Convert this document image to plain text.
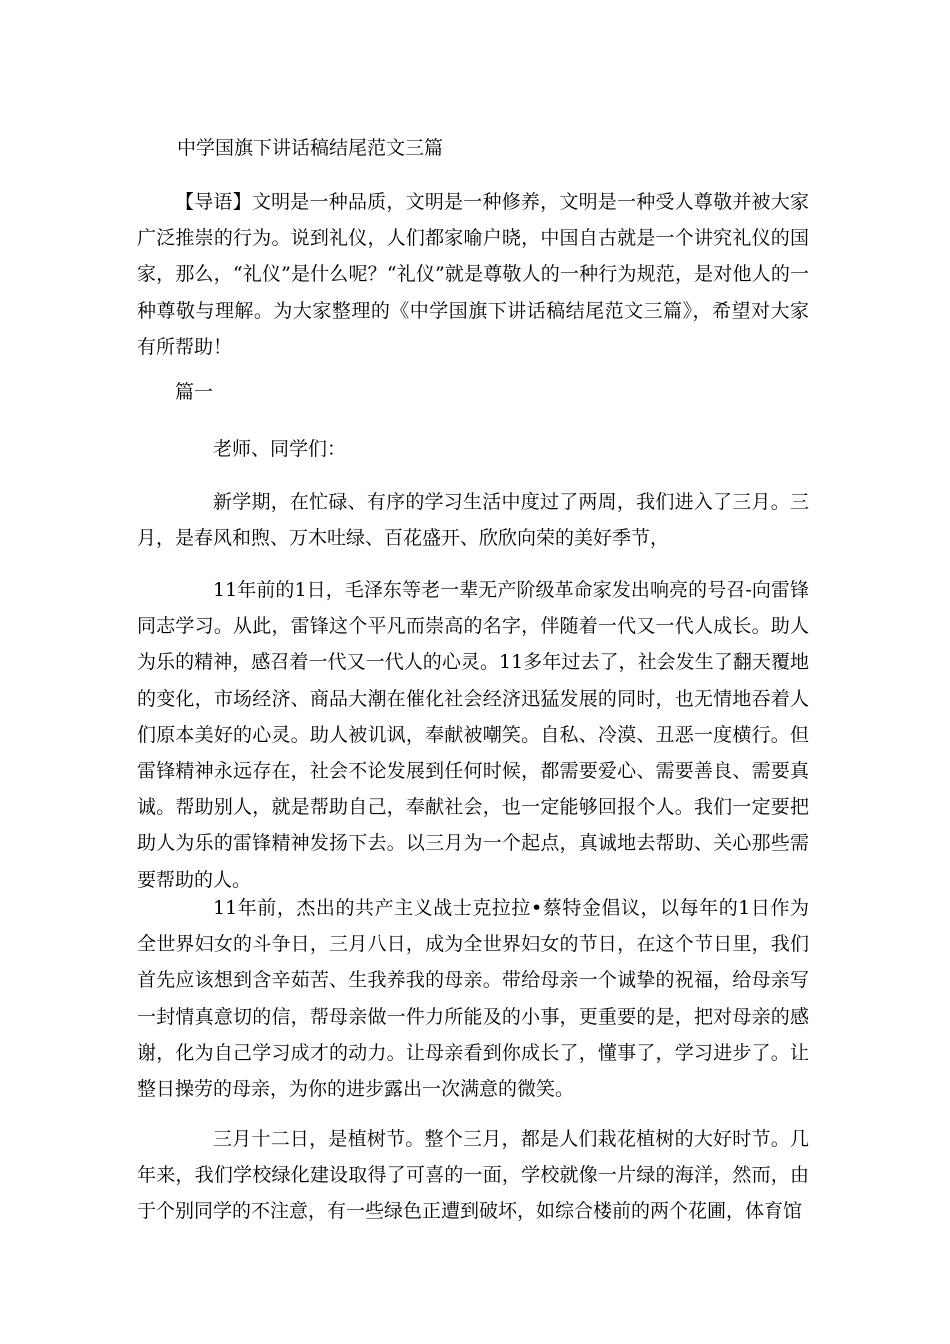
中学国旗下讲话稿结尾范文三篇

【导语】文明是一种品质，文明是一种修养，文明是一种受人尊敬并被大家广泛推崇的行为。说到礼仪，人们都家喻户晓，中国自古就是一个讲究礼仪的国家，那么，“礼仪”是什么呢？“礼仪”就是尊敬人的一种行为规范，是对他人的一种尊敬与理解。为大家整理的《中学国旗下讲话稿结尾范文三篇》，希望对大家有所帮助！

篇一

老师、同学们：

新学期，在忙碌、有序的学习生活中度过了两周，我们进入了三月。三月，是春风和煦、万木吐绿、百花盛开、欣欣向荣的美好季节，

11年前的1日，毛泽东等老一辈无产阶级革命家发出响亮的号召-向雷锋同志学习。从此，雷锋这个平凡而崇高的名字，伴随着一代又一代人成长。助人为乐的精神，感召着一代又一代人的心灵。11多年过去了，社会发生了翻天覆地的变化，市场经济、商品大潮在催化社会经济迅猛发展的同时，也无情地吞着人们原本美好的心灵。助人被讥讽，奉献被嘲笑。自私、冷漠、丑恶一度横行。但雷锋精神永远存在，社会不论发展到任何时候，都需要爱心、需要善良、需要真诚。帮助别人，就是帮助自己，奉献社会，也一定能够回报个人。我们一定要把助人为乐的雷锋精神发扬下去。以三月为一个起点，真诚地去帮助、关心那些需要帮助的人。

11年前，杰出的共产主义战士克拉拉•蔡特金倡议，以每年的1日作为全世界妇女的斗争日，三月八日，成为全世界妇女的节日，在这个节日里，我们首先应该想到含辛茹苦、生我养我的母亲。带给母亲一个诚挚的祝福，给母亲写一封情真意切的信，帮母亲做一件力所能及的小事，更重要的是，把对母亲的感谢，化为自己学习成才的动力。让母亲看到你成长了，懂事了，学习进步了。让整日操劳的母亲，为你的进步露出一次满意的微笑。

三月十二日，是植树节。整个三月，都是人们栽花植树的大好时节。几年来，我们学校绿化建设取得了可喜的一面，学校就像一片绿的海洋，然而，由于个别同学的不注意，有一些绿色正遭到破坏，如综合楼前的两个花圃，体育馆
